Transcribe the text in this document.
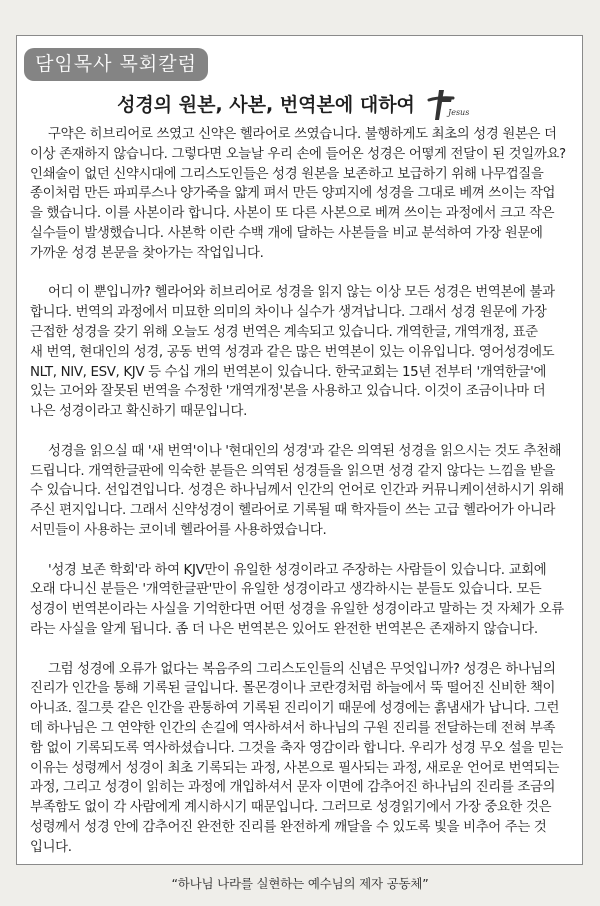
담임목사 목회칼럼
성경의 원본, 사본, 번역본에 대하여	Jesus

구약은 히브리어로 쓰였고 신약은 헬라어로 쓰였습니다. 불행하게도 최초의 성경 원본은 더
이상 존재하지 않습니다. 그렇다면 오늘날 우리 손에 들어온 성경은 어떻게 전달이 된 것일까요?
인쇄술이 없던 신약시대에 그리스도인들은 성경 원본을 보존하고 보급하기 위해 나무껍질을
종이처럼 만든 파피루스나 양가죽을 얇게 펴서 만든 양피지에 성경을 그대로 베껴 쓰이는 작업
을 했습니다. 이를 사본이라 합니다. 사본이 또 다른 사본으로 베껴 쓰이는 과정에서 크고 작은
실수들이 발생했습니다. 사본학 이란 수백 개에 달하는 사본들을 비교 분석하여 가장 원문에
가까운 성경 본문을 찾아가는 작업입니다.

어디 이 뿐입니까? 헬라어와 히브리어로 성경을 읽지 않는 이상 모든 성경은 번역본에 불과
합니다. 번역의 과정에서 미묘한 의미의 차이나 실수가 생겨납니다. 그래서 성경 원문에 가장
근접한 성경을 갖기 위해 오늘도 성경 번역은 계속되고 있습니다. 개역한글, 개역개정, 표준
새 번역, 현대인의 성경, 공동 번역 성경과 같은 많은 번역본이 있는 이유입니다. 영어성경에도
NLT, NIV, ESV, KJV 등 수십 개의 번역본이 있습니다. 한국교회는 15년 전부터 '개역한글'에
있는 고어와 잘못된 번역을 수정한 '개역개정'본을 사용하고 있습니다. 이것이 조금이나마 더
나은 성경이라고 확신하기 때문입니다.

성경을 읽으실 때 '새 번역'이나 '현대인의 성경'과 같은 의역된 성경을 읽으시는 것도 추천해
드립니다. 개역한글판에 익숙한 분들은 의역된 성경들을 읽으면 성경 같지 않다는 느낌을 받을
수 있습니다. 선입견입니다. 성경은 하나님께서 인간의 언어로 인간과 커뮤니케이션하시기 위해
주신 편지입니다. 그래서 신약성경이 헬라어로 기록될 때 학자들이 쓰는 고급 헬라어가 아니라
서민들이 사용하는 코이네 헬라어를 사용하였습니다.

'성경 보존 학회'라 하여 KJV만이 유일한 성경이라고 주장하는 사람들이 있습니다. 교회에
오래 다니신 분들은 '개역한글판'만이 유일한 성경이라고 생각하시는 분들도 있습니다. 모든
성경이 번역본이라는 사실을 기억한다면 어떤 성경을 유일한 성경이라고 말하는 것 자체가 오류
라는 사실을 알게 됩니다. 좀 더 나은 번역본은 있어도 완전한 번역본은 존재하지 않습니다.

그럼 성경에 오류가 없다는 복음주의 그리스도인들의 신념은 무엇입니까? 성경은 하나님의
진리가 인간을 통해 기록된 글입니다. 몰몬경이나 코란경처럼 하늘에서 뚝 떨어진 신비한 책이
아니죠. 질그릇 같은 인간을 관통하여 기록된 진리이기 때문에 성경에는 흙냄새가 납니다. 그런
데 하나님은 그 연약한 인간의 손길에 역사하셔서 하나님의 구원 진리를 전달하는데 전혀 부족
함 없이 기록되도록 역사하셨습니다. 그것을 축자 영감이라 합니다. 우리가 성경 무오 설을 믿는
이유는 성령께서 성경이 최초 기록되는 과정, 사본으로 필사되는 과정, 새로운 언어로 번역되는
과정, 그리고 성경이 읽히는 과정에 개입하셔서 문자 이면에 감추어진 하나님의 진리를 조금의
부족함도 없이 각 사람에게 계시하시기 때문입니다. 그러므로 성경읽기에서 가장 중요한 것은
성령께서 성경 안에 감추어진 완전한 진리를 완전하게 깨달을 수 있도록 빛을 비추어 주는 것
입니다.

“하나님 나라를 실현하는 예수님의 제자 공동체”
